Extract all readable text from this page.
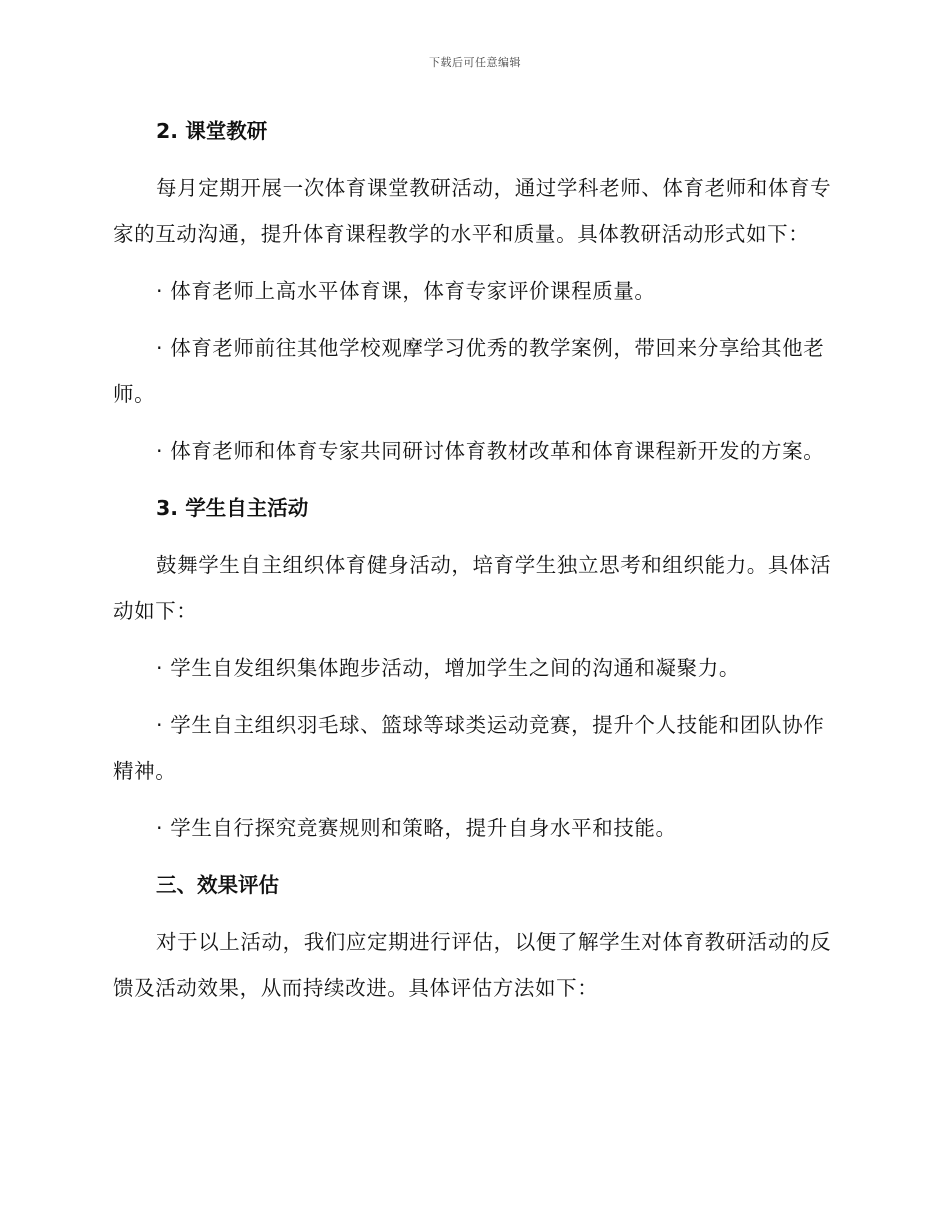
下载后可任意编辑
2. 课堂教研
每月定期开展一次体育课堂教研活动，通过学科老师、体育老师和体育专家的互动沟通，提升体育课程教学的水平和质量。具体教研活动形式如下：
· 体育老师上高水平体育课，体育专家评价课程质量。
· 体育老师前往其他学校观摩学习优秀的教学案例，带回来分享给其他老师。
· 体育老师和体育专家共同研讨体育教材改革和体育课程新开发的方案。
3. 学生自主活动
鼓舞学生自主组织体育健身活动，培育学生独立思考和组织能力。具体活动如下：
· 学生自发组织集体跑步活动，增加学生之间的沟通和凝聚力。
· 学生自主组织羽毛球、篮球等球类运动竞赛，提升个人技能和团队协作精神。
· 学生自行探究竞赛规则和策略，提升自身水平和技能。
三、效果评估
对于以上活动，我们应定期进行评估，以便了解学生对体育教研活动的反馈及活动效果，从而持续改进。具体评估方法如下：
